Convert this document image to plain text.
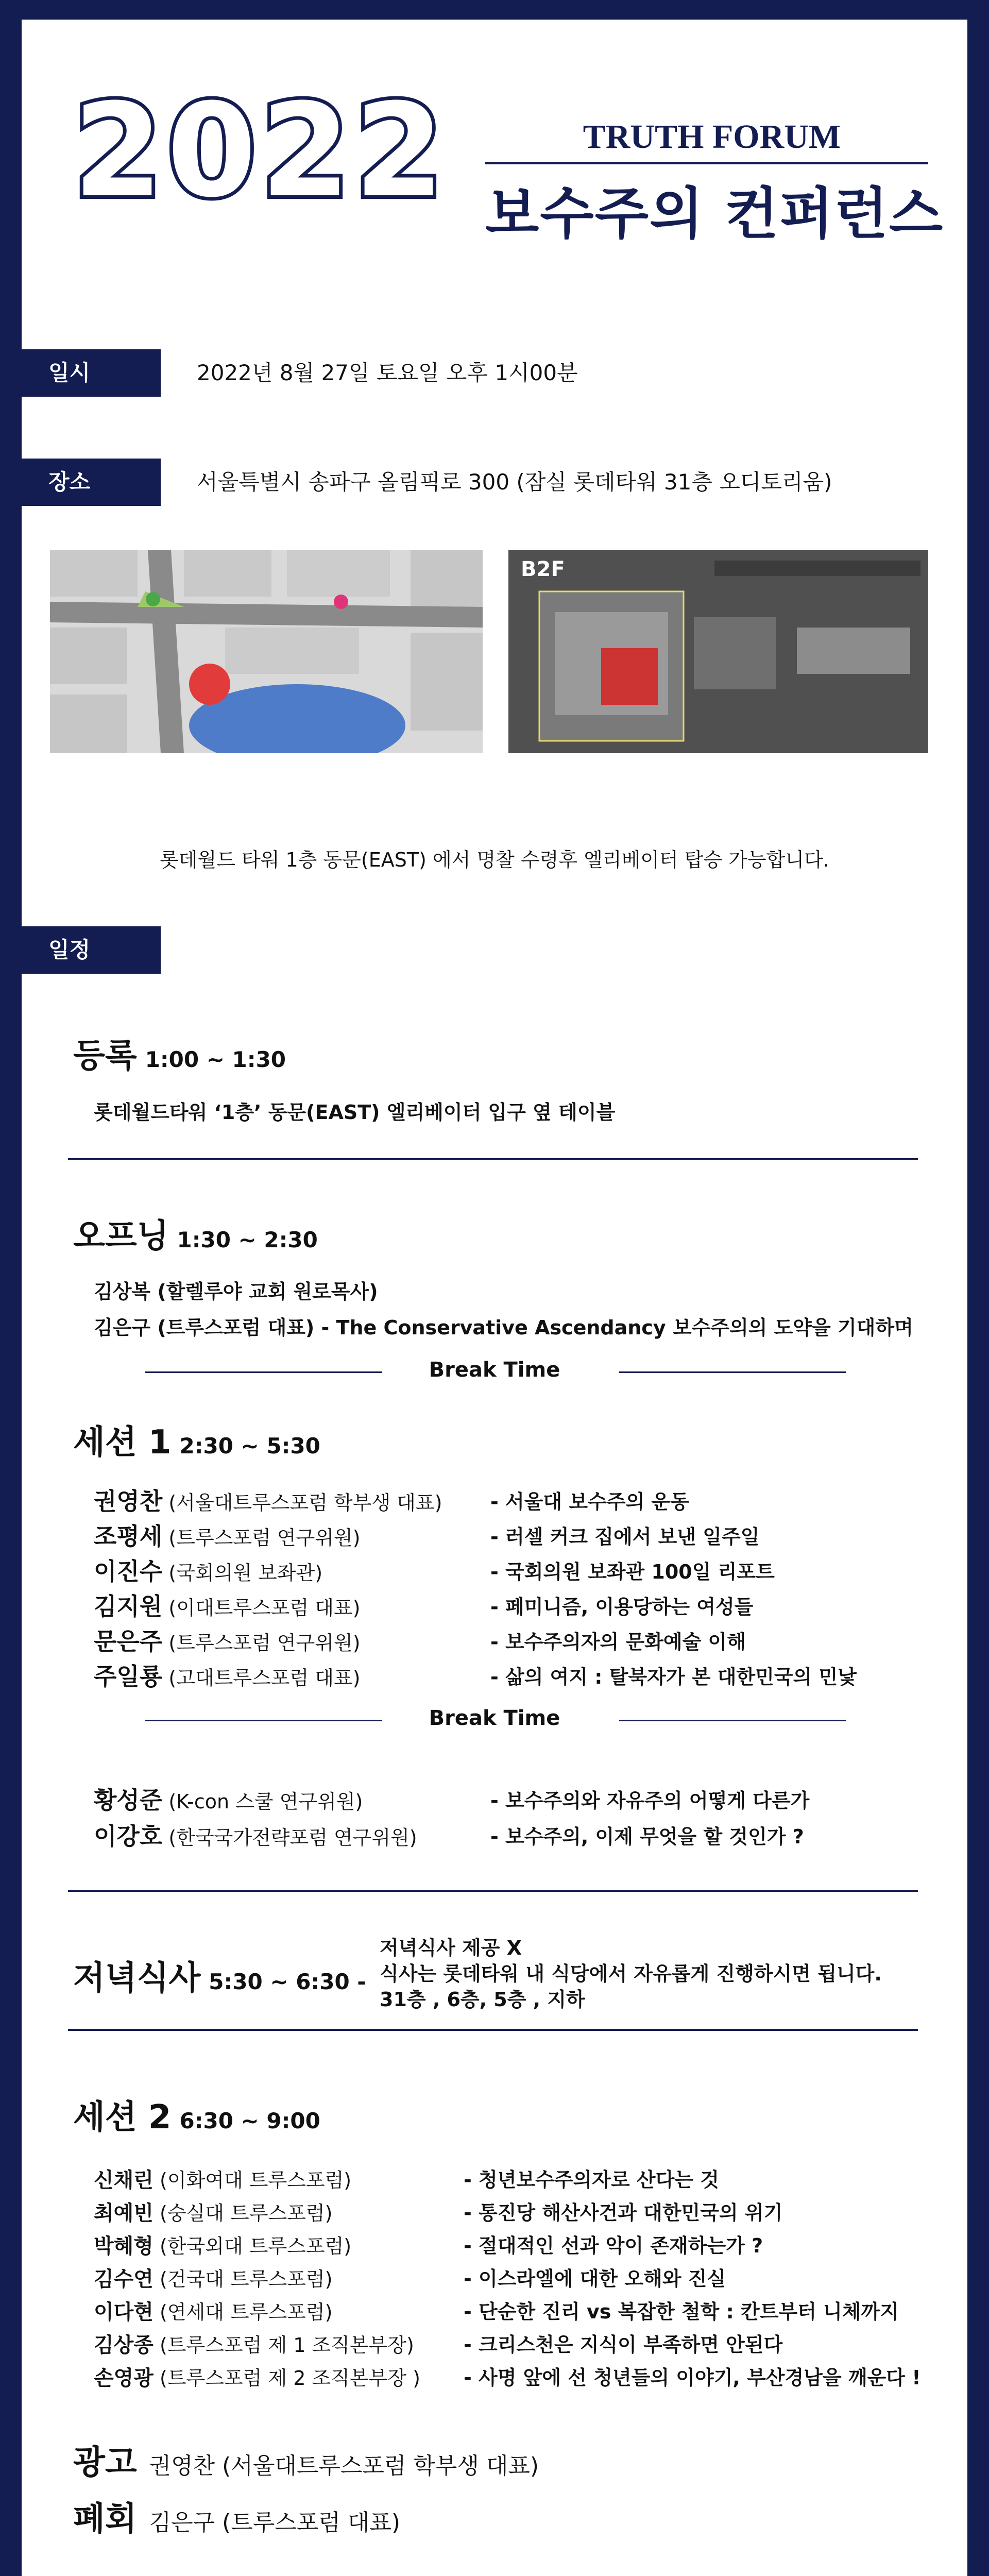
2022	TRUTH FORUM
보수주의 컨퍼런스
일시	2022년 8월 27일 토요일 오후 1시00분
장소	서울특별시 송파구 올림픽로 300 (잠실 롯데타워 31층 오디토리움)
B2F
롯데월드 타워 1층 동문(EAST) 에서 명찰 수령후 엘리베이터 탑승 가능합니다.
일정
등록 1:00 ~ 1:30
롯데월드타워 ‘1층’ 동문(EAST) 엘리베이터 입구 옆 테이블
오프닝 1:30 ~ 2:30
김상복 (할렐루야 교회 원로목사)
김은구 (트루스포럼 대표) - The Conservative Ascendancy 보수주의의 도약을 기대하며
Break Time
세션 1 2:30 ~ 5:30
권영찬 (서울대트루스포럼 학부생 대표) - 서울대 보수주의 운동
조평세 (트루스포럼 연구위원)	- 러셀 커크 집에서 보낸 일주일
이진수 (국회의원 보좌관)	- 국회의원 보좌관 100일 리포트
김지원 (이대트루스포럼 대표)	- 페미니즘, 이용당하는 여성들
문은주 (트루스포럼 연구위원)	- 보수주의자의 문화예술 이해
주일룡 (고대트루스포럼 대표)	- 삶의 여지 : 탈북자가 본 대한민국의 민낯
Break Time
황성준 (K-con 스쿨 연구위원)	- 보수주의와 자유주의 어떻게 다른가
이강호 (한국국가전략포럼 연구위원)	- 보수주의, 이제 무엇을 할 것인가 ?
저녁식사 5:30 ~ 6:30 -
저녁식사 제공 X
식사는 롯데타워 내 식당에서 자유롭게 진행하시면 됩니다.
31층 , 6층, 5층 , 지하
세션 2 6:30 ~ 9:00
신채린 (이화여대 트루스포럼)	- 청년보수주의자로 산다는 것
최예빈 (숭실대 트루스포럼)	- 통진당 해산사건과 대한민국의 위기
박혜형 (한국외대 트루스포럼)	- 절대적인 선과 악이 존재하는가 ?
김수연 (건국대 트루스포럼)	- 이스라엘에 대한 오해와 진실
이다현 (연세대 트루스포럼)	- 단순한 진리 vs 복잡한 철학 : 칸트부터 니체까지
김상종 (트루스포럼 제 1 조직본부장)	- 크리스천은 지식이 부족하면 안된다
손영광 (트루스포럼 제 2 조직본부장 ) - 사명 앞에 선 청년들의 이야기, 부산경남을 깨운다 !
광고 권영찬 (서울대트루스포럼 학부생 대표)
폐회 김은구 (트루스포럼 대표)
